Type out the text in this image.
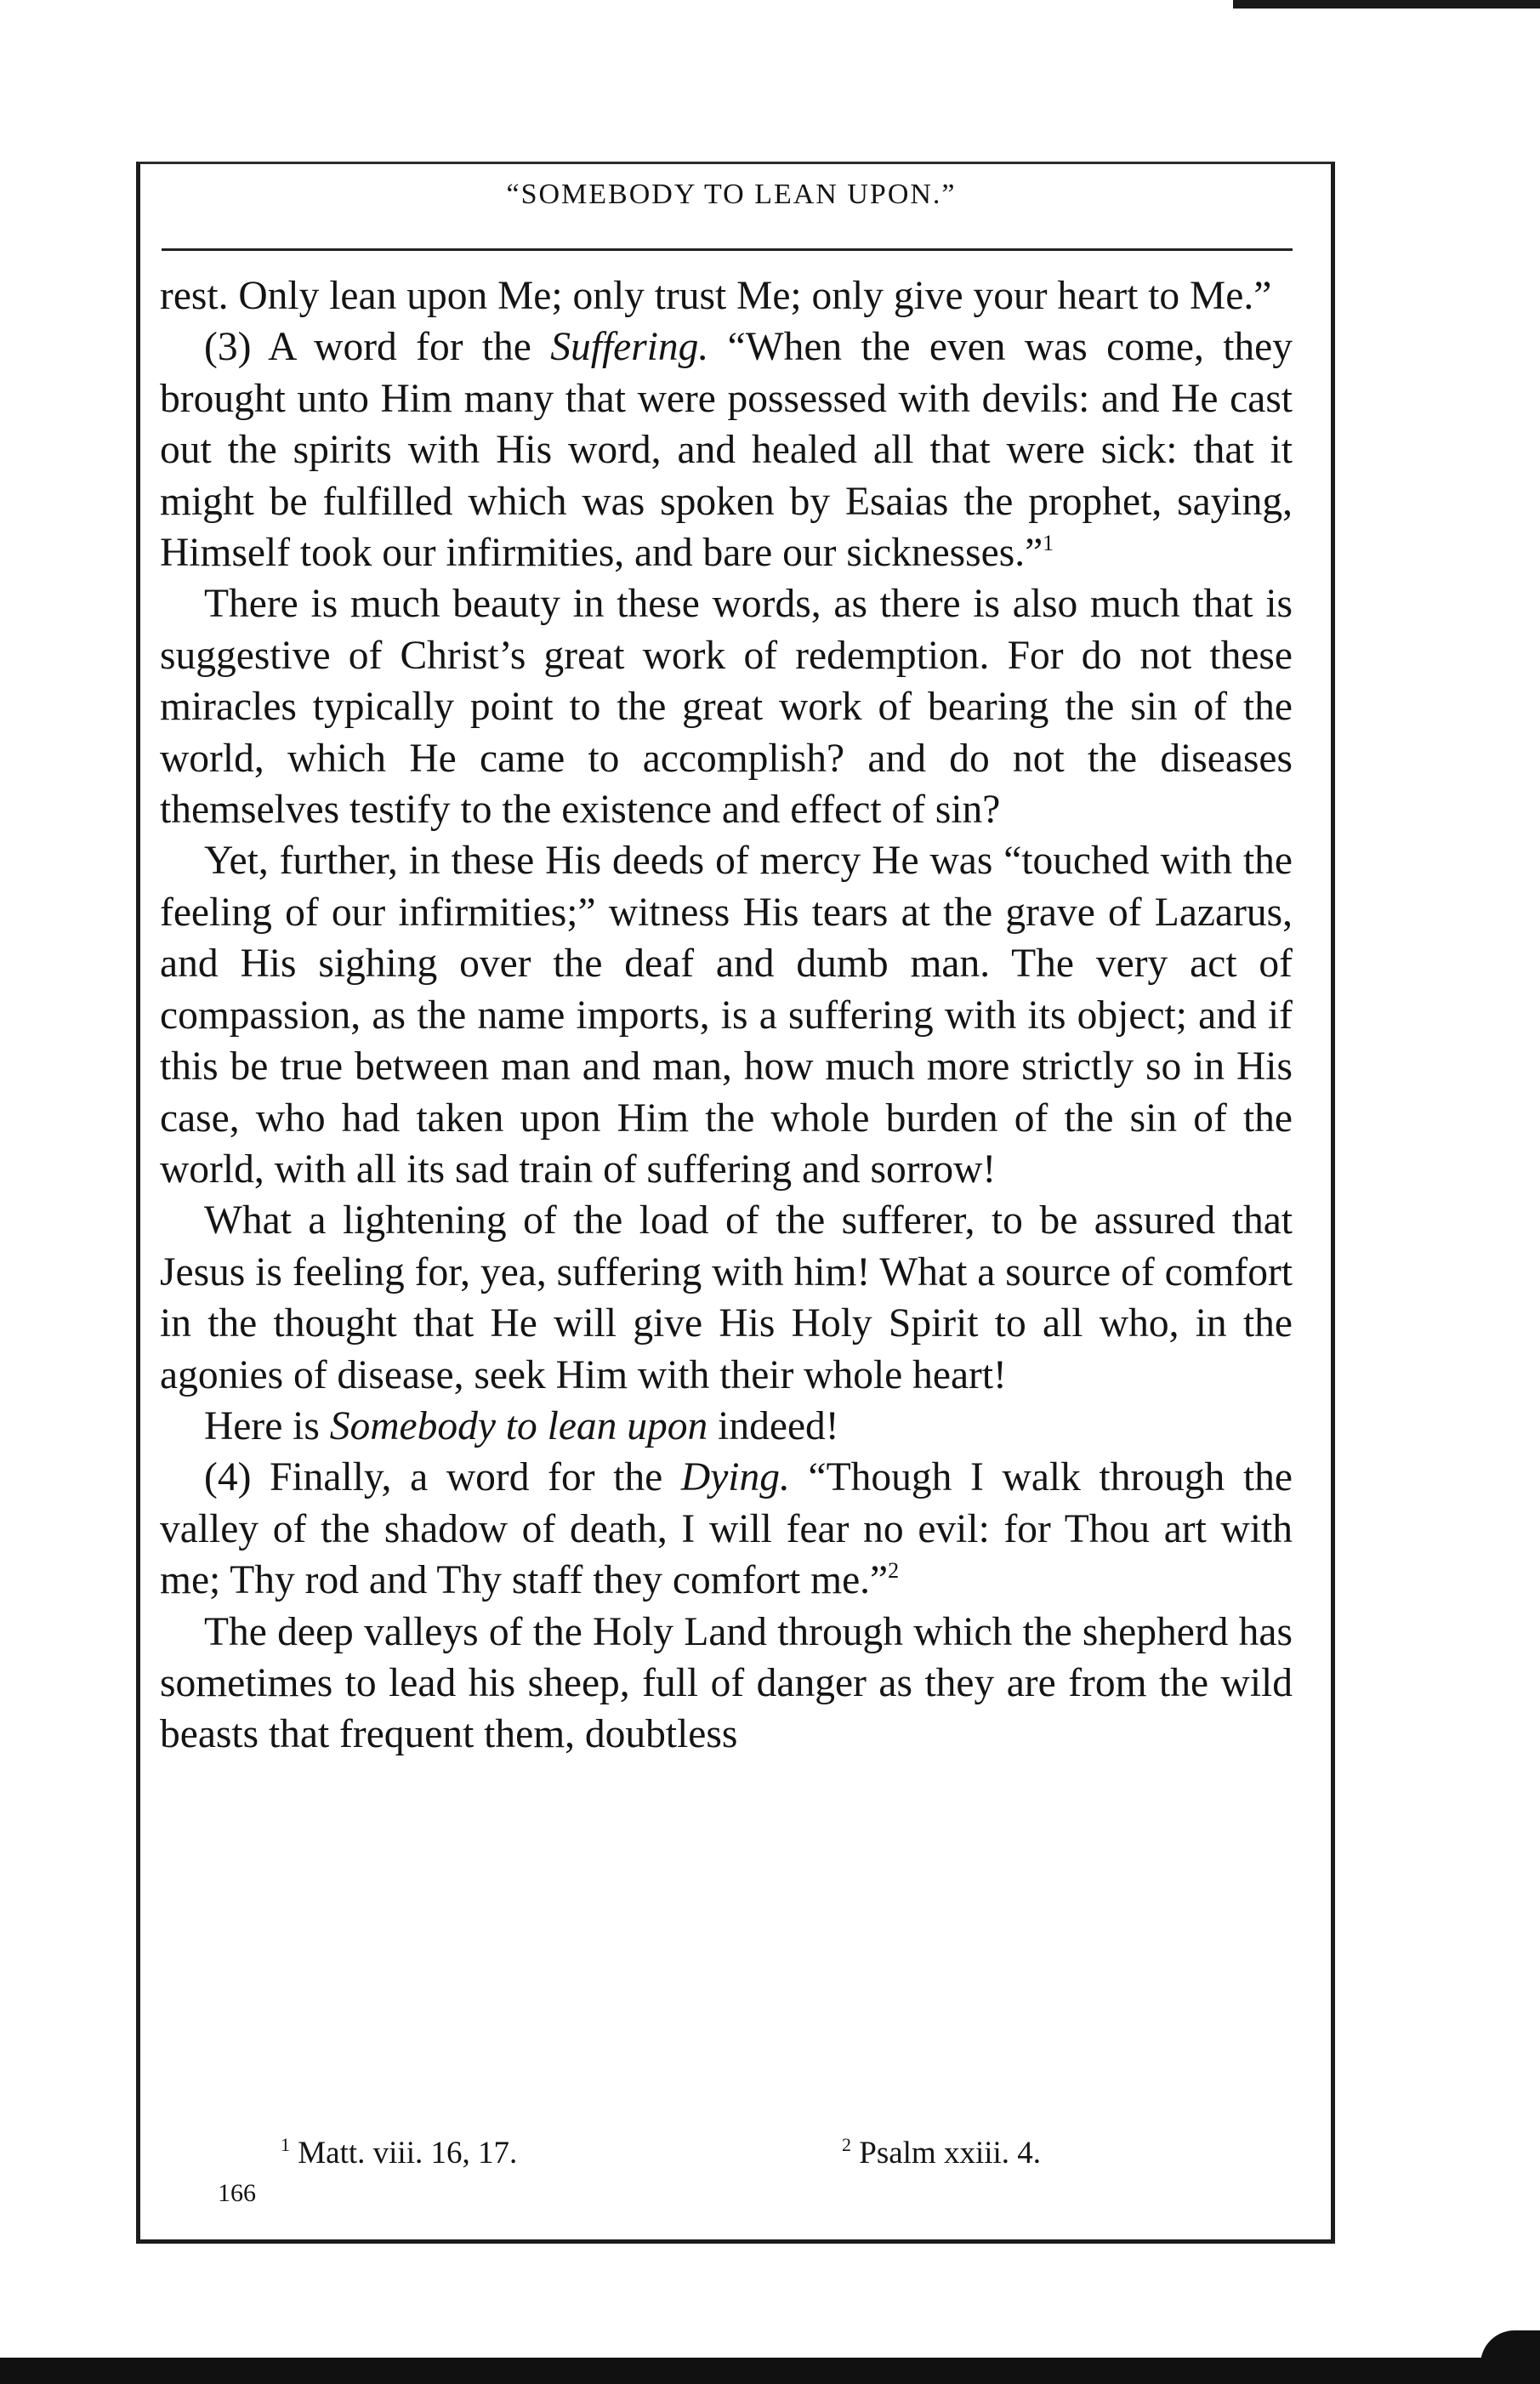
“SOMEBODY TO LEAN UPON.”

rest. Only lean upon Me; only trust Me; only give your heart to Me.”

(3) A word for the Suffering. “When the even was come, they brought unto Him many that were possessed with devils: and He cast out the spirits with His word, and healed all that were sick: that it might be fulfilled which was spoken by Esaias the prophet, saying, Himself took our infirmities, and bare our sicknesses.”$^1$

There is much beauty in these words, as there is also much that is suggestive of Christ’s great work of redemption. For do not these miracles typically point to the great work of bearing the sin of the world, which He came to accomplish? and do not the diseases themselves testify to the existence and effect of sin?

Yet, further, in these His deeds of mercy He was “touched with the feeling of our infirmities;” witness His tears at the grave of Lazarus, and His sighing over the deaf and dumb man. The very act of compassion, as the name imports, is a suffering with its object; and if this be true between man and man, how much more strictly so in His case, who had taken upon Him the whole burden of the sin of the world, with all its sad train of suffering and sorrow!

What a lightening of the load of the sufferer, to be assured that Jesus is feeling for, yea, suffering with him! What a source of comfort in the thought that He will give His Holy Spirit to all who, in the agonies of disease, seek Him with their whole heart!

Here is Somebody to lean upon indeed!

(4) Finally, a word for the Dying. “Though I walk through the valley of the shadow of death, I will fear no evil: for Thou art with me; Thy rod and Thy staff they comfort me.”$^2$

The deep valleys of the Holy Land through which the shepherd has sometimes to lead his sheep, full of danger as they are from the wild beasts that frequent them, doubtless

$^1$ Matt. viii. 16, 17.	$^2$ Psalm xxiii. 4.
166
